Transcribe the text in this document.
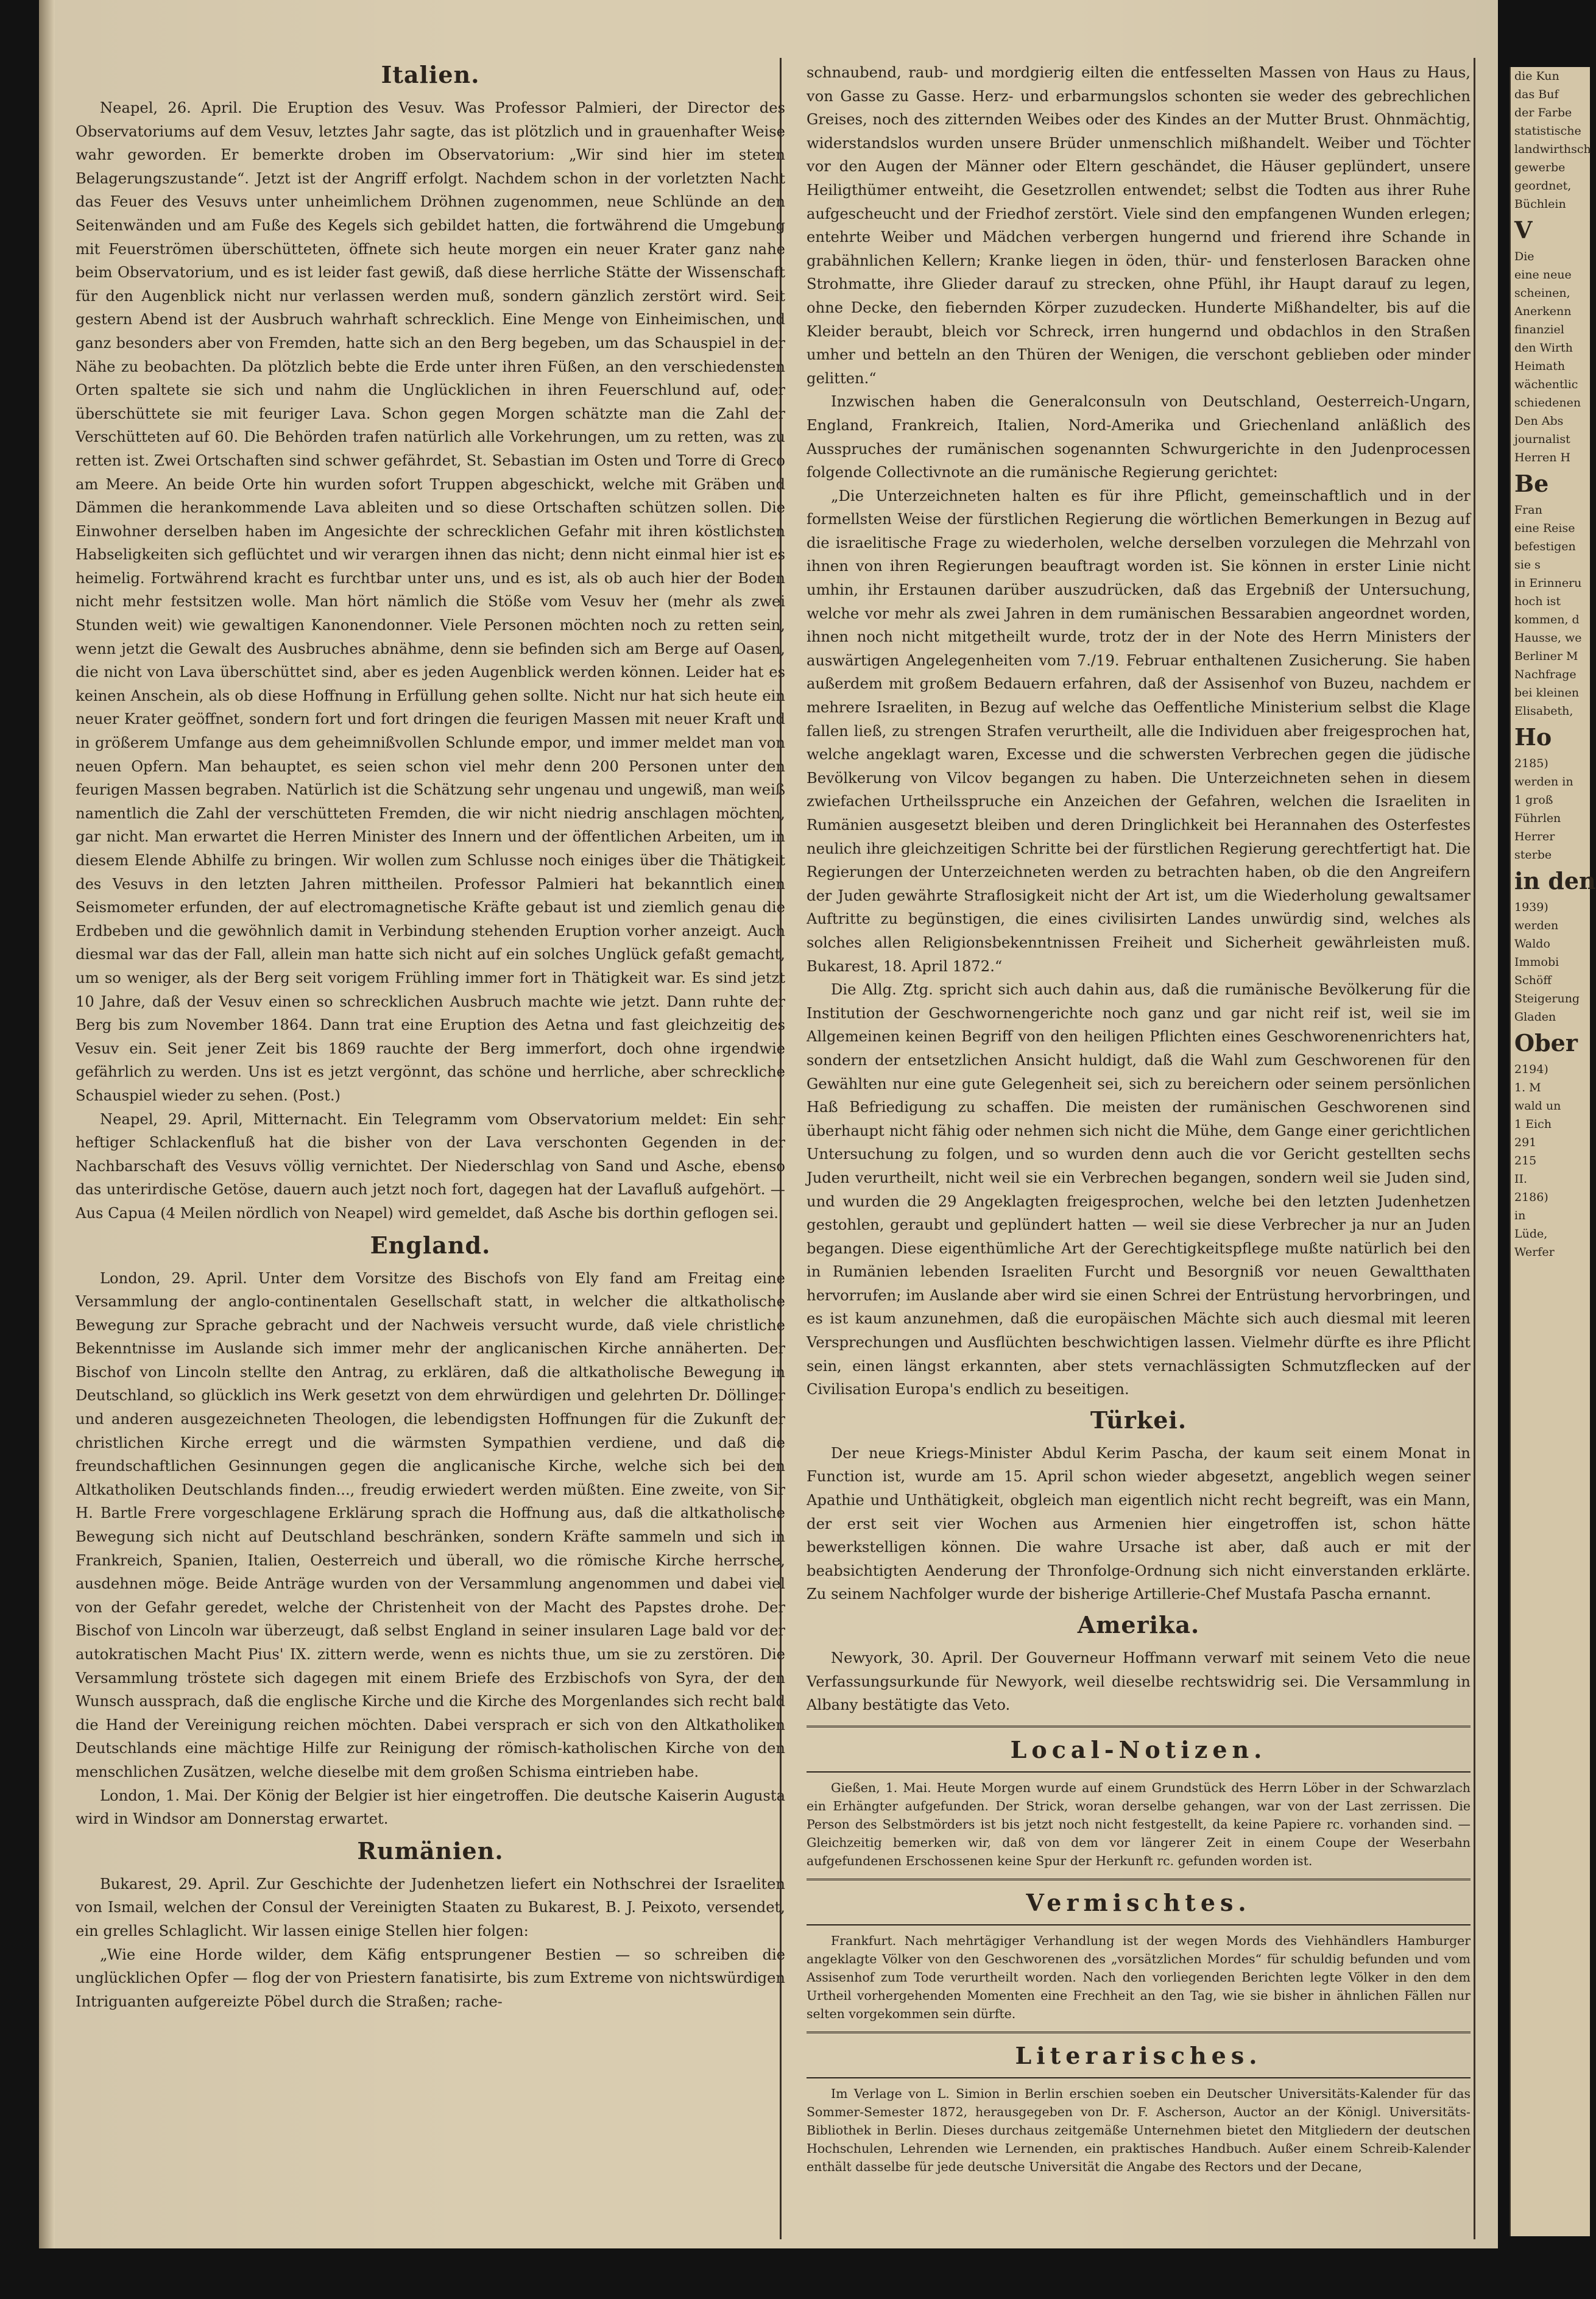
Italien.

Neapel, 26. April. Die Eruption des Vesuv. Was Professor Palmieri, der Director des Observatoriums auf dem Vesuv, letztes Jahr sagte, das ist plötzlich und in grauenhafter Weise wahr geworden. Er bemerkte droben im Observatorium: „Wir sind hier im steten Belagerungszustande“. Jetzt ist der Angriff erfolgt. Nachdem schon in der vorletzten Nacht das Feuer des Vesuvs unter unheimlichem Dröhnen zugenommen, neue Schlünde an den Seitenwänden und am Fuße des Kegels sich gebildet hatten, die fortwährend die Umgebung mit Feuerströmen überschütteten, öffnete sich heute morgen ein neuer Krater ganz nahe beim Observatorium, und es ist leider fast gewiß, daß diese herrliche Stätte der Wissenschaft für den Augenblick nicht nur verlassen werden muß, sondern gänzlich zerstört wird. Seit gestern Abend ist der Ausbruch wahrhaft schrecklich. Eine Menge von Einheimischen, und ganz besonders aber von Fremden, hatte sich an den Berg begeben, um das Schauspiel in der Nähe zu beobachten. Da plötzlich bebte die Erde unter ihren Füßen, an den verschiedensten Orten spaltete sie sich und nahm die Unglücklichen in ihren Feuerschlund auf, oder überschüttete sie mit feuriger Lava. Schon gegen Morgen schätzte man die Zahl der Verschütteten auf 60. Die Behörden trafen natürlich alle Vorkehrungen, um zu retten, was zu retten ist. Zwei Ortschaften sind schwer gefährdet, St. Sebastian im Osten und Torre di Greco am Meere. An beide Orte hin wurden sofort Truppen abgeschickt, welche mit Gräben und Dämmen die herankommende Lava ableiten und so diese Ortschaften schützen sollen. Die Einwohner derselben haben im Angesichte der schrecklichen Gefahr mit ihren köstlichsten Habseligkeiten sich geflüchtet und wir verargen ihnen das nicht; denn nicht einmal hier ist es heimelig. Fortwährend kracht es furchtbar unter uns, und es ist, als ob auch hier der Boden nicht mehr festsitzen wolle. Man hört nämlich die Stöße vom Vesuv her (mehr als zwei Stunden weit) wie gewaltigen Kanonendonner. Viele Personen möchten noch zu retten sein, wenn jetzt die Gewalt des Ausbruches abnähme, denn sie befinden sich am Berge auf Oasen, die nicht von Lava überschüttet sind, aber es jeden Augenblick werden können. Leider hat es keinen Anschein, als ob diese Hoffnung in Erfüllung gehen sollte. Nicht nur hat sich heute ein neuer Krater geöffnet, sondern fort und fort dringen die feurigen Massen mit neuer Kraft und in größerem Umfange aus dem geheimnißvollen Schlunde empor, und immer meldet man von neuen Opfern. Man behauptet, es seien schon viel mehr denn 200 Personen unter den feurigen Massen begraben. Natürlich ist die Schätzung sehr ungenau und ungewiß, man weiß namentlich die Zahl der verschütteten Fremden, die wir nicht niedrig anschlagen möchten, gar nicht. Man erwartet die Herren Minister des Innern und der öffentlichen Arbeiten, um in diesem Elende Abhilfe zu bringen. Wir wollen zum Schlusse noch einiges über die Thätigkeit des Vesuvs in den letzten Jahren mittheilen. Professor Palmieri hat bekanntlich einen Seismometer erfunden, der auf electromagnetische Kräfte gebaut ist und ziemlich genau die Erdbeben und die gewöhnlich damit in Verbindung stehenden Eruption vorher anzeigt. Auch diesmal war das der Fall, allein man hatte sich nicht auf ein solches Unglück gefaßt gemacht, um so weniger, als der Berg seit vorigem Frühling immer fort in Thätigkeit war. Es sind jetzt 10 Jahre, daß der Vesuv einen so schrecklichen Ausbruch machte wie jetzt. Dann ruhte der Berg bis zum November 1864. Dann trat eine Eruption des Aetna und fast gleichzeitig des Vesuv ein. Seit jener Zeit bis 1869 rauchte der Berg immerfort, doch ohne irgendwie gefährlich zu werden. Uns ist es jetzt vergönnt, das schöne und herrliche, aber schreckliche Schauspiel wieder zu sehen. (Post.)

Neapel, 29. April, Mitternacht. Ein Telegramm vom Observatorium meldet: Ein sehr heftiger Schlackenfluß hat die bisher von der Lava verschonten Gegenden in der Nachbarschaft des Vesuvs völlig vernichtet. Der Niederschlag von Sand und Asche, ebenso das unterirdische Getöse, dauern auch jetzt noch fort, dagegen hat der Lavafluß aufgehört. — Aus Capua (4 Meilen nördlich von Neapel) wird gemeldet, daß Asche bis dorthin geflogen sei.

England.

London, 29. April. Unter dem Vorsitze des Bischofs von Ely fand am Freitag eine Versammlung der anglo-continentalen Gesellschaft statt, in welcher die altkatholische Bewegung zur Sprache gebracht und der Nachweis versucht wurde, daß viele christliche Bekenntnisse im Auslande sich immer mehr der anglicanischen Kirche annäherten. Der Bischof von Lincoln stellte den Antrag, zu erklären, daß die altkatholische Bewegung in Deutschland, so glücklich ins Werk gesetzt von dem ehrwürdigen und gelehrten Dr. Döllinger und anderen ausgezeichneten Theologen, die lebendigsten Hoffnungen für die Zukunft der christlichen Kirche erregt und die wärmsten Sympathien verdiene, und daß die freundschaftlichen Gesinnungen gegen die anglicanische Kirche, welche sich bei den Altkatholiken Deutschlands finden..., freudig erwiedert werden müßten. Eine zweite, von Sir H. Bartle Frere vorgeschlagene Erklärung sprach die Hoffnung aus, daß die altkatholische Bewegung sich nicht auf Deutschland beschränken, sondern Kräfte sammeln und sich in Frankreich, Spanien, Italien, Oesterreich und überall, wo die römische Kirche herrsche, ausdehnen möge. Beide Anträge wurden von der Versammlung angenommen und dabei viel von der Gefahr geredet, welche der Christenheit von der Macht des Papstes drohe. Der Bischof von Lincoln war überzeugt, daß selbst England in seiner insularen Lage bald vor der autokratischen Macht Pius' IX. zittern werde, wenn es nichts thue, um sie zu zerstören. Die Versammlung tröstete sich dagegen mit einem Briefe des Erzbischofs von Syra, der den Wunsch aussprach, daß die englische Kirche und die Kirche des Morgenlandes sich recht bald die Hand der Vereinigung reichen möchten. Dabei versprach er sich von den Altkatholiken Deutschlands eine mächtige Hilfe zur Reinigung der römisch-katholischen Kirche von den menschlichen Zusätzen, welche dieselbe mit dem großen Schisma eintrieben habe.

London, 1. Mai. Der König der Belgier ist hier eingetroffen. Die deutsche Kaiserin Augusta wird in Windsor am Donnerstag erwartet.

Rumänien.

Bukarest, 29. April. Zur Geschichte der Judenhetzen liefert ein Nothschrei der Israeliten von Ismail, welchen der Consul der Vereinigten Staaten zu Bukarest, B. J. Peixoto, versendet, ein grelles Schlaglicht. Wir lassen einige Stellen hier folgen:

„Wie eine Horde wilder, dem Käfig entsprungener Bestien — so schreiben die unglücklichen Opfer — flog der von Priestern fanatisirte, bis zum Extreme von nichtswürdigen Intriguanten aufgereizte Pöbel durch die Straßen; rache-

schnaubend, raub- und mordgierig eilten die entfesselten Massen von Haus zu Haus, von Gasse zu Gasse. Herz- und erbarmungslos schonten sie weder des gebrechlichen Greises, noch des zitternden Weibes oder des Kindes an der Mutter Brust. Ohnmächtig, widerstandslos wurden unsere Brüder unmenschlich mißhandelt. Weiber und Töchter vor den Augen der Männer oder Eltern geschändet, die Häuser geplündert, unsere Heiligthümer entweiht, die Gesetzrollen entwendet; selbst die Todten aus ihrer Ruhe aufgescheucht und der Friedhof zerstört. Viele sind den empfangenen Wunden erlegen; entehrte Weiber und Mädchen verbergen hungernd und frierend ihre Schande in grabähnlichen Kellern; Kranke liegen in öden, thür- und fensterlosen Baracken ohne Strohmatte, ihre Glieder darauf zu strecken, ohne Pfühl, ihr Haupt darauf zu legen, ohne Decke, den fiebernden Körper zuzudecken. Hunderte Mißhandelter, bis auf die Kleider beraubt, bleich vor Schreck, irren hungernd und obdachlos in den Straßen umher und betteln an den Thüren der Wenigen, die verschont geblieben oder minder gelitten.“

Inzwischen haben die Generalconsuln von Deutschland, Oesterreich-Ungarn, England, Frankreich, Italien, Nord-Amerika und Griechenland anläßlich des Ausspruches der rumänischen sogenannten Schwurgerichte in den Judenprocessen folgende Collectivnote an die rumänische Regierung gerichtet:

„Die Unterzeichneten halten es für ihre Pflicht, gemeinschaftlich und in der formellsten Weise der fürstlichen Regierung die wörtlichen Bemerkungen in Bezug auf die israelitische Frage zu wiederholen, welche derselben vorzulegen die Mehrzahl von ihnen von ihren Regierungen beauftragt worden ist. Sie können in erster Linie nicht umhin, ihr Erstaunen darüber auszudrücken, daß das Ergebniß der Untersuchung, welche vor mehr als zwei Jahren in dem rumänischen Bessarabien angeordnet worden, ihnen noch nicht mitgetheilt wurde, trotz der in der Note des Herrn Ministers der auswärtigen Angelegenheiten vom 7./19. Februar enthaltenen Zusicherung. Sie haben außerdem mit großem Bedauern erfahren, daß der Assisenhof von Buzeu, nachdem er mehrere Israeliten, in Bezug auf welche das Oeffentliche Ministerium selbst die Klage fallen ließ, zu strengen Strafen verurtheilt, alle die Individuen aber freigesprochen hat, welche angeklagt waren, Excesse und die schwersten Verbrechen gegen die jüdische Bevölkerung von Vilcov begangen zu haben. Die Unterzeichneten sehen in diesem zwiefachen Urtheilsspruche ein Anzeichen der Gefahren, welchen die Israeliten in Rumänien ausgesetzt bleiben und deren Dringlichkeit bei Herannahen des Osterfestes neulich ihre gleichzeitigen Schritte bei der fürstlichen Regierung gerechtfertigt hat. Die Regierungen der Unterzeichneten werden zu betrachten haben, ob die den Angreifern der Juden gewährte Straflosigkeit nicht der Art ist, um die Wiederholung gewaltsamer Auftritte zu begünstigen, die eines civilisirten Landes unwürdig sind, welches als solches allen Religionsbekenntnissen Freiheit und Sicherheit gewährleisten muß. Bukarest, 18. April 1872.“

Die Allg. Ztg. spricht sich auch dahin aus, daß die rumänische Bevölkerung für die Institution der Geschwornengerichte noch ganz und gar nicht reif ist, weil sie im Allgemeinen keinen Begriff von den heiligen Pflichten eines Geschworenenrichters hat, sondern der entsetzlichen Ansicht huldigt, daß die Wahl zum Geschworenen für den Gewählten nur eine gute Gelegenheit sei, sich zu bereichern oder seinem persönlichen Haß Befriedigung zu schaffen. Die meisten der rumänischen Geschworenen sind überhaupt nicht fähig oder nehmen sich nicht die Mühe, dem Gange einer gerichtlichen Untersuchung zu folgen, und so wurden denn auch die vor Gericht gestellten sechs Juden verurtheilt, nicht weil sie ein Verbrechen begangen, sondern weil sie Juden sind, und wurden die 29 Angeklagten freigesprochen, welche bei den letzten Judenhetzen gestohlen, geraubt und geplündert hatten — weil sie diese Verbrecher ja nur an Juden begangen. Diese eigenthümliche Art der Gerechtigkeitspflege mußte natürlich bei den in Rumänien lebenden Israeliten Furcht und Besorgniß vor neuen Gewaltthaten hervorrufen; im Auslande aber wird sie einen Schrei der Entrüstung hervorbringen, und es ist kaum anzunehmen, daß die europäischen Mächte sich auch diesmal mit leeren Versprechungen und Ausflüchten beschwichtigen lassen. Vielmehr dürfte es ihre Pflicht sein, einen längst erkannten, aber stets vernachlässigten Schmutzflecken auf der Civilisation Europa's endlich zu beseitigen.

Türkei.

Der neue Kriegs-Minister Abdul Kerim Pascha, der kaum seit einem Monat in Function ist, wurde am 15. April schon wieder abgesetzt, angeblich wegen seiner Apathie und Unthätigkeit, obgleich man eigentlich nicht recht begreift, was ein Mann, der erst seit vier Wochen aus Armenien hier eingetroffen ist, schon hätte bewerkstelligen können. Die wahre Ursache ist aber, daß auch er mit der beabsichtigten Aenderung der Thronfolge-Ordnung sich nicht einverstanden erklärte. Zu seinem Nachfolger wurde der bisherige Artillerie-Chef Mustafa Pascha ernannt.

Amerika.

Newyork, 30. April. Der Gouverneur Hoffmann verwarf mit seinem Veto die neue Verfassungsurkunde für Newyork, weil dieselbe rechtswidrig sei. Die Versammlung in Albany bestätigte das Veto.

Local-Notizen.

Gießen, 1. Mai. Heute Morgen wurde auf einem Grundstück des Herrn Löber in der Schwarzlach ein Erhängter aufgefunden. Der Strick, woran derselbe gehangen, war von der Last zerrissen. Die Person des Selbstmörders ist bis jetzt noch nicht festgestellt, da keine Papiere rc. vorhanden sind. — Gleichzeitig bemerken wir, daß von dem vor längerer Zeit in einem Coupe der Weserbahn aufgefundenen Erschossenen keine Spur der Herkunft rc. gefunden worden ist.

Vermischtes.

Frankfurt. Nach mehrtägiger Verhandlung ist der wegen Mords des Viehhändlers Hamburger angeklagte Völker von den Geschworenen des „vorsätzlichen Mordes“ für schuldig befunden und vom Assisenhof zum Tode verurtheilt worden. Nach den vorliegenden Berichten legte Völker in den dem Urtheil vorhergehenden Momenten eine Frechheit an den Tag, wie sie bisher in ähnlichen Fällen nur selten vorgekommen sein dürfte.

Literarisches.

Im Verlage von L. Simion in Berlin erschien soeben ein Deutscher Universitäts-Kalender für das Sommer-Semester 1872, herausgegeben von Dr. F. Ascherson, Auctor an der Königl. Universitäts-Bibliothek in Berlin. Dieses durchaus zeitgemäße Unternehmen bietet den Mitgliedern der deutschen Hochschulen, Lehrenden wie Lernenden, ein praktisches Handbuch. Außer einem Schreib-Kalender enthält dasselbe für jede deutsche Universität die Angabe des Rectors und der Decane,

die Kun
das Buf
der Farbe
statistische
landwirthsch
gewerbe
geordnet,
Büchlein
V
Die
eine neue
scheinen,
Anerkenn
finanziel
den Wirth
Heimath
wächentlic
schiedenen
Den Abs
journalist
Herren H
Be
Fran
eine Reise
befestigen
sie s
in Erinneru
hoch ist
kommen, d
Hausse, we
Berliner M
Nachfrage
bei kleinen
Elisabeth,
Ho
2185)
werden in
1 groß
Führlen
Herrer
sterbe
in den
1939)
werden
Waldo
Immobi
Schöff
Steigerung
Gladen
Ober
2194)
1. M
wald un
1 Eich
291
215
II.
2186)
in
Lüde,
Werfer
